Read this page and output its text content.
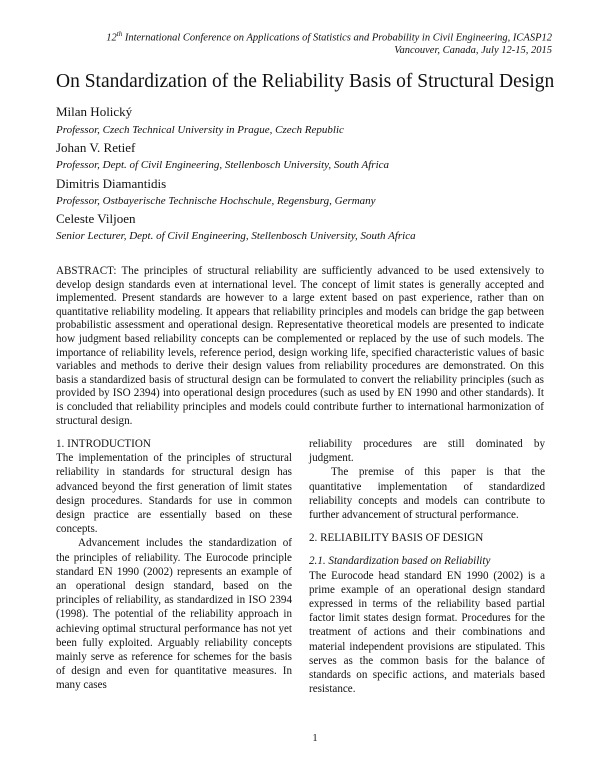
12th International Conference on Applications of Statistics and Probability in Civil Engineering, ICASP12
Vancouver, Canada, July 12-15, 2015
On Standardization of the Reliability Basis of Structural Design
Milan Holický
Professor, Czech Technical University in Prague, Czech Republic
Johan V. Retief
Professor, Dept. of Civil Engineering, Stellenbosch University, South Africa
Dimitris Diamantidis
Professor, Ostbayerische Technische Hochschule, Regensburg, Germany
Celeste Viljoen
Senior Lecturer, Dept. of Civil Engineering, Stellenbosch University, South Africa

ABSTRACT: The principles of structural reliability are sufficiently advanced to be used extensively to develop design standards even at international level. The concept of limit states is generally accepted and implemented. Present standards are however to a large extent based on past experience, rather than on quantitative reliability modeling. It appears that reliability principles and models can bridge the gap between probabilistic assessment and operational design. Representative theoretical models are presented to indicate how judgment based reliability concepts can be complemented or replaced by the use of such models. The importance of reliability levels, reference period, design working life, specified characteristic values of basic variables and methods to derive their design values from reliability procedures are demonstrated. On this basis a standardized basis of structural design can be formulated to convert the reliability principles (such as provided by ISO 2394) into operational design procedures (such as used by EN 1990 and other standards). It is concluded that reliability principles and models could contribute further to international harmonization of structural design.

1. INTRODUCTION

The implementation of the principles of structural reliability in standards for structural design has advanced beyond the first generation of limit states design procedures. Standards for use in common design practice are essentially based on these concepts.

Advancement includes the standardization of the principles of reliability. The Eurocode principle standard EN 1990 (2002) represents an example of an operational design standard, based on the principles of reliability, as standardized in ISO 2394 (1998). The potential of the reliability approach in achieving optimal structural performance has not yet been fully exploited. Arguably reliability concepts mainly serve as reference for schemes for the basis of design and even for quantitative measures. In many cases

reliability procedures are still dominated by judgment.

The premise of this paper is that the quantitative implementation of standardized reliability concepts and models can contribute to further advancement of structural performance.

2. RELIABILITY BASIS OF DESIGN
2.1. Standardization based on Reliability

The Eurocode head standard EN 1990 (2002) is a prime example of an operational design standard expressed in terms of the reliability based partial factor limit states design format. Procedures for the treatment of actions and their combinations and material independent provisions are stipulated. This serves as the common basis for the balance of standards on specific actions, and materials based resistance.

1
